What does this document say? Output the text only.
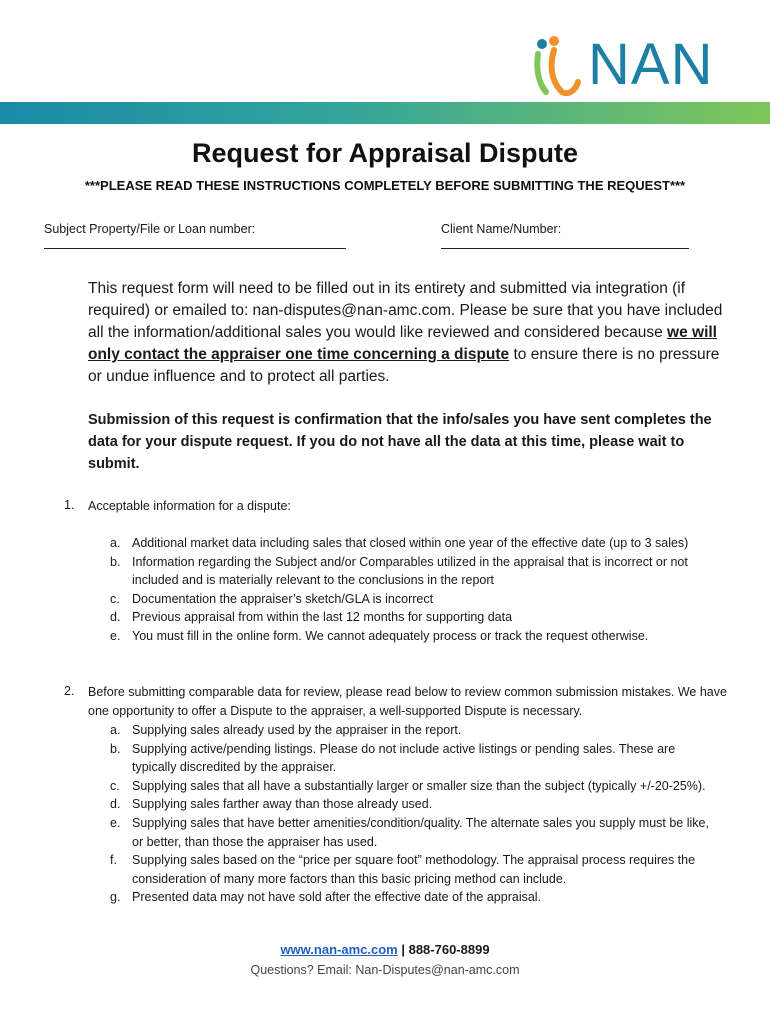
NAN
Request for Appraisal Dispute
***PLEASE READ THESE INSTRUCTIONS COMPLETELY BEFORE SUBMITTING THE REQUEST***
Subject Property/File or Loan number:	Client Name/Number:
This request form will need to be filled out in its entirety and submitted via integration (if required) or emailed to: nan-disputes@nan-amc.com. Please be sure that you have included all the information/additional sales you would like reviewed and considered because we will only contact the appraiser one time concerning a dispute to ensure there is no pressure or undue influence and to protect all parties.
Submission of this request is confirmation that the info/sales you have sent completes the data for your dispute request. If you do not have all the data at this time, please wait to submit.
1. Acceptable information for a dispute:
a. Additional market data including sales that closed within one year of the effective date (up to 3 sales)
b. Information regarding the Subject and/or Comparables utilized in the appraisal that is incorrect or not included and is materially relevant to the conclusions in the report
c. Documentation the appraiser’s sketch/GLA is incorrect
d. Previous appraisal from within the last 12 months for supporting data
e. You must fill in the online form. We cannot adequately process or track the request otherwise.
2. Before submitting comparable data for review, please read below to review common submission mistakes. We have one opportunity to offer a Dispute to the appraiser, a well-supported Dispute is necessary.
a. Supplying sales already used by the appraiser in the report.
b. Supplying active/pending listings. Please do not include active listings or pending sales. These are typically discredited by the appraiser.
c. Supplying sales that all have a substantially larger or smaller size than the subject (typically +/-20-25%).
d. Supplying sales farther away than those already used.
e. Supplying sales that have better amenities/condition/quality. The alternate sales you supply must be like, or better, than those the appraiser has used.
f. Supplying sales based on the “price per square foot” methodology. The appraisal process requires the consideration of many more factors than this basic pricing method can include.
g. Presented data may not have sold after the effective date of the appraisal.
www.nan-amc.com | 888-760-8899
Questions? Email: Nan-Disputes@nan-amc.com
